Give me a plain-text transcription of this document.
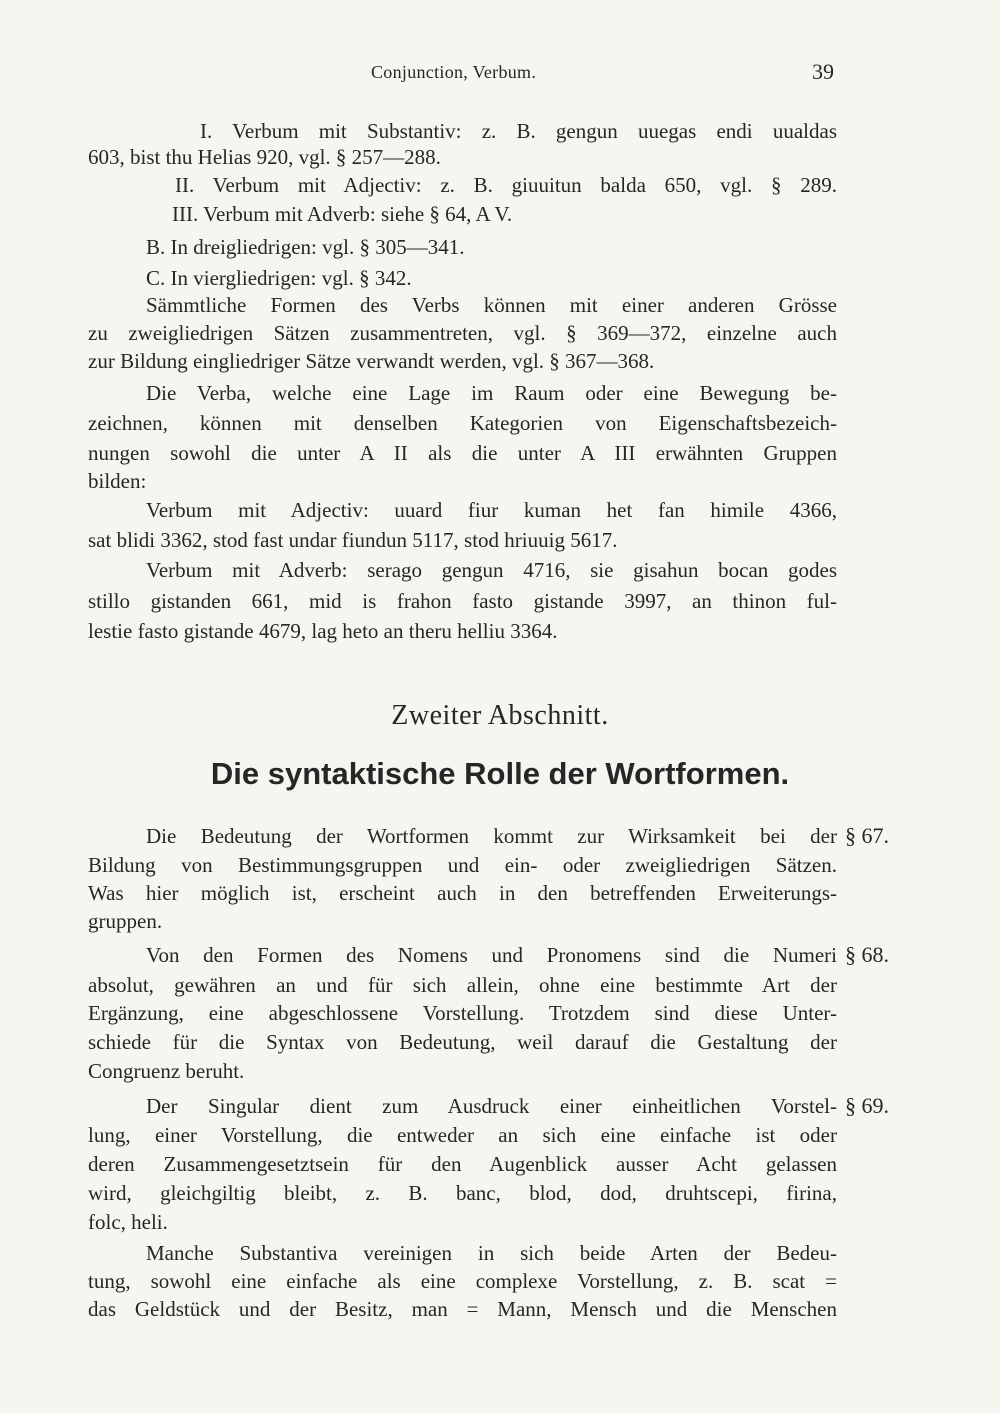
Conjunction, Verbum.	39
I. Verbum mit Substantiv: z. B. gengun uuegas endi uualdas
603, bist thu Helias 920, vgl. § 257—288.
II. Verbum mit Adjectiv: z. B. giuuitun balda 650, vgl. § 289.
III. Verbum mit Adverb: siehe § 64, A V.
B. In dreigliedrigen: vgl. § 305—341.
C. In viergliedrigen: vgl. § 342.
Sämmtliche Formen des Verbs können mit einer anderen Grösse
zu zweigliedrigen Sätzen zusammentreten, vgl. § 369—372, einzelne auch
zur Bildung eingliedriger Sätze verwandt werden, vgl. § 367—368.
Die Verba, welche eine Lage im Raum oder eine Bewegung be-
zeichnen, können mit denselben Kategorien von Eigenschaftsbezeich-
nungen sowohl die unter A II als die unter A III erwähnten Gruppen
bilden:
Verbum mit Adjectiv: uuard fiur kuman het fan himile 4366,
sat blidi 3362, stod fast undar fiundun 5117, stod hriuuig 5617.
Verbum mit Adverb: serago gengun 4716, sie gisahun bocan godes
stillo gistanden 661, mid is frahon fasto gistande 3997, an thinon ful-
lestie fasto gistande 4679, lag heto an theru helliu 3364.
Zweiter Abschnitt.
Die syntaktische Rolle der Wortformen.
Die Bedeutung der Wortformen kommt zur Wirksamkeit bei der § 67.
Bildung von Bestimmungsgruppen und ein- oder zweigliedrigen Sätzen.
Was hier möglich ist, erscheint auch in den betreffenden Erweiterungs-
gruppen.
Von den Formen des Nomens und Pronomens sind die Numeri § 68.
absolut, gewähren an und für sich allein, ohne eine bestimmte Art der
Ergänzung, eine abgeschlossene Vorstellung. Trotzdem sind diese Unter-
schiede für die Syntax von Bedeutung, weil darauf die Gestaltung der
Congruenz beruht.
Der Singular dient zum Ausdruck einer einheitlichen Vorstel- § 69.
lung, einer Vorstellung, die entweder an sich eine einfache ist oder
deren Zusammengesetztsein für den Augenblick ausser Acht gelassen
wird, gleichgiltig bleibt, z. B. banc, blod, dod, druhtscepi, firina,
folc, heli.
Manche Substantiva vereinigen in sich beide Arten der Bedeu-
tung, sowohl eine einfache als eine complexe Vorstellung, z. B. scat =
das Geldstück und der Besitz, man = Mann, Mensch und die Menschen
